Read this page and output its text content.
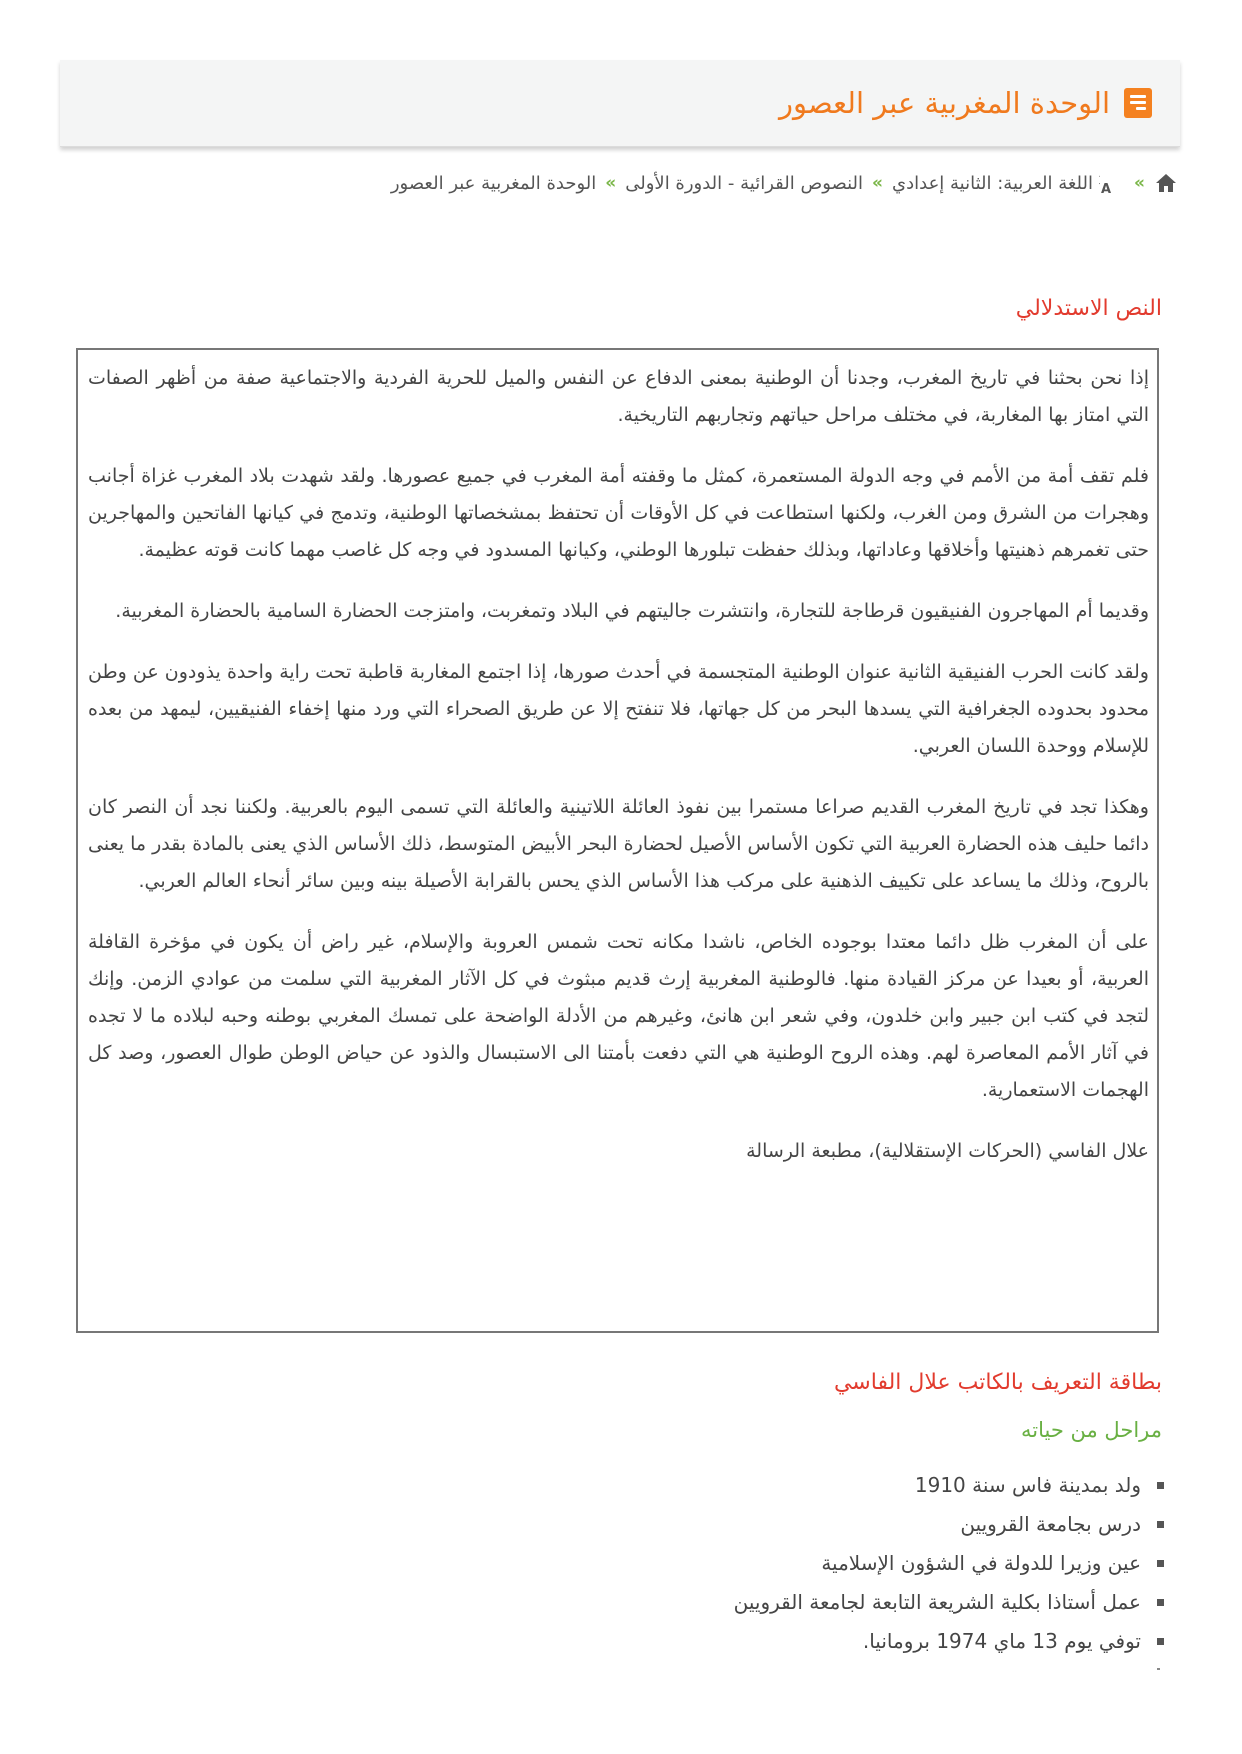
الوحدة المغربية عبر العصور
»
A
اللغة العربية: الثانية إعدادي
»
النصوص القرائية - الدورة الأولى
»
الوحدة المغربية عبر العصور
النص الاستدلالي

إذا نحن بحثنا في تاريخ المغرب، وجدنا أن الوطنية بمعنى الدفاع عن النفس والميل للحرية الفردية والاجتماعية صفة من أظهر الصفات التي امتاز بها المغاربة، في مختلف مراحل حياتهم وتجاربهم التاريخية.

فلم تقف أمة من الأمم في وجه الدولة المستعمرة، كمثل ما وقفته أمة المغرب في جميع عصورها. ولقد شهدت بلاد المغرب غزاة أجانب وهجرات من الشرق ومن الغرب، ولكنها استطاعت في كل الأوقات أن تحتفظ بمشخصاتها الوطنية، وتدمج في كيانها الفاتحين والمهاجرين حتى تغمرهم ذهنيتها وأخلاقها وعاداتها، وبذلك حفظت تبلورها الوطني، وكيانها المسدود في وجه كل غاصب مهما كانت قوته عظيمة.

وقديما أم المهاجرون الفنيقيون قرطاجة للتجارة، وانتشرت جاليتهم في البلاد وتمغربت، وامتزجت الحضارة السامية بالحضارة المغربية.

ولقد كانت الحرب الفنيقية الثانية عنوان الوطنية المتجسمة في أحدث صورها، إذا اجتمع المغاربة قاطبة تحت راية واحدة يذودون عن وطن محدود بحدوده الجغرافية التي يسدها البحر من كل جهاتها، فلا تنفتح إلا عن طريق الصحراء التي ورد منها إخفاء الفنيقيين، ليمهد من بعده للإسلام ووحدة اللسان العربي.

وهكذا تجد في تاريخ المغرب القديم صراعا مستمرا بين نفوذ العائلة اللاتينية والعائلة التي تسمى اليوم بالعربية. ولكننا نجد أن النصر كان دائما حليف هذه الحضارة العربية التي تكون الأساس الأصيل لحضارة البحر الأبيض المتوسط، ذلك الأساس الذي يعنى بالمادة بقدر ما يعنى بالروح، وذلك ما يساعد على تكييف الذهنية على مركب هذا الأساس الذي يحس بالقرابة الأصيلة بينه وبين سائر أنحاء العالم العربي.

على أن المغرب ظل دائما معتدا بوجوده الخاص، ناشدا مكانه تحت شمس العروبة والإسلام، غير راض أن يكون في مؤخرة القافلة العربية، أو بعيدا عن مركز القيادة منها. فالوطنية المغربية إرث قديم مبثوث في كل الآثار المغربية التي سلمت من عوادي الزمن. وإنك لتجد في كتب ابن جبير وابن خلدون، وفي شعر ابن هانئ، وغيرهم من الأدلة الواضحة على تمسك المغربي بوطنه وحبه لبلاده ما لا تجده في آثار الأمم المعاصرة لهم. وهذه الروح الوطنية هي التي دفعت بأمتنا الى الاستبسال والذود عن حياض الوطن طوال العصور، وصد كل الهجمات الاستعمارية.

علال الفاسي (الحركات الإستقلالية)، مطبعة الرسالة

بطاقة التعريف بالكاتب علال الفاسي
مراحل من حياته
ولد بمدينة فاس سنة 1910
درس بجامعة القرويين
عين وزيرا للدولة في الشؤون الإسلامية
عمل أستاذا بكلية الشريعة التابعة لجامعة القرويين
توفي يوم 13 ماي 1974 برومانيا.
